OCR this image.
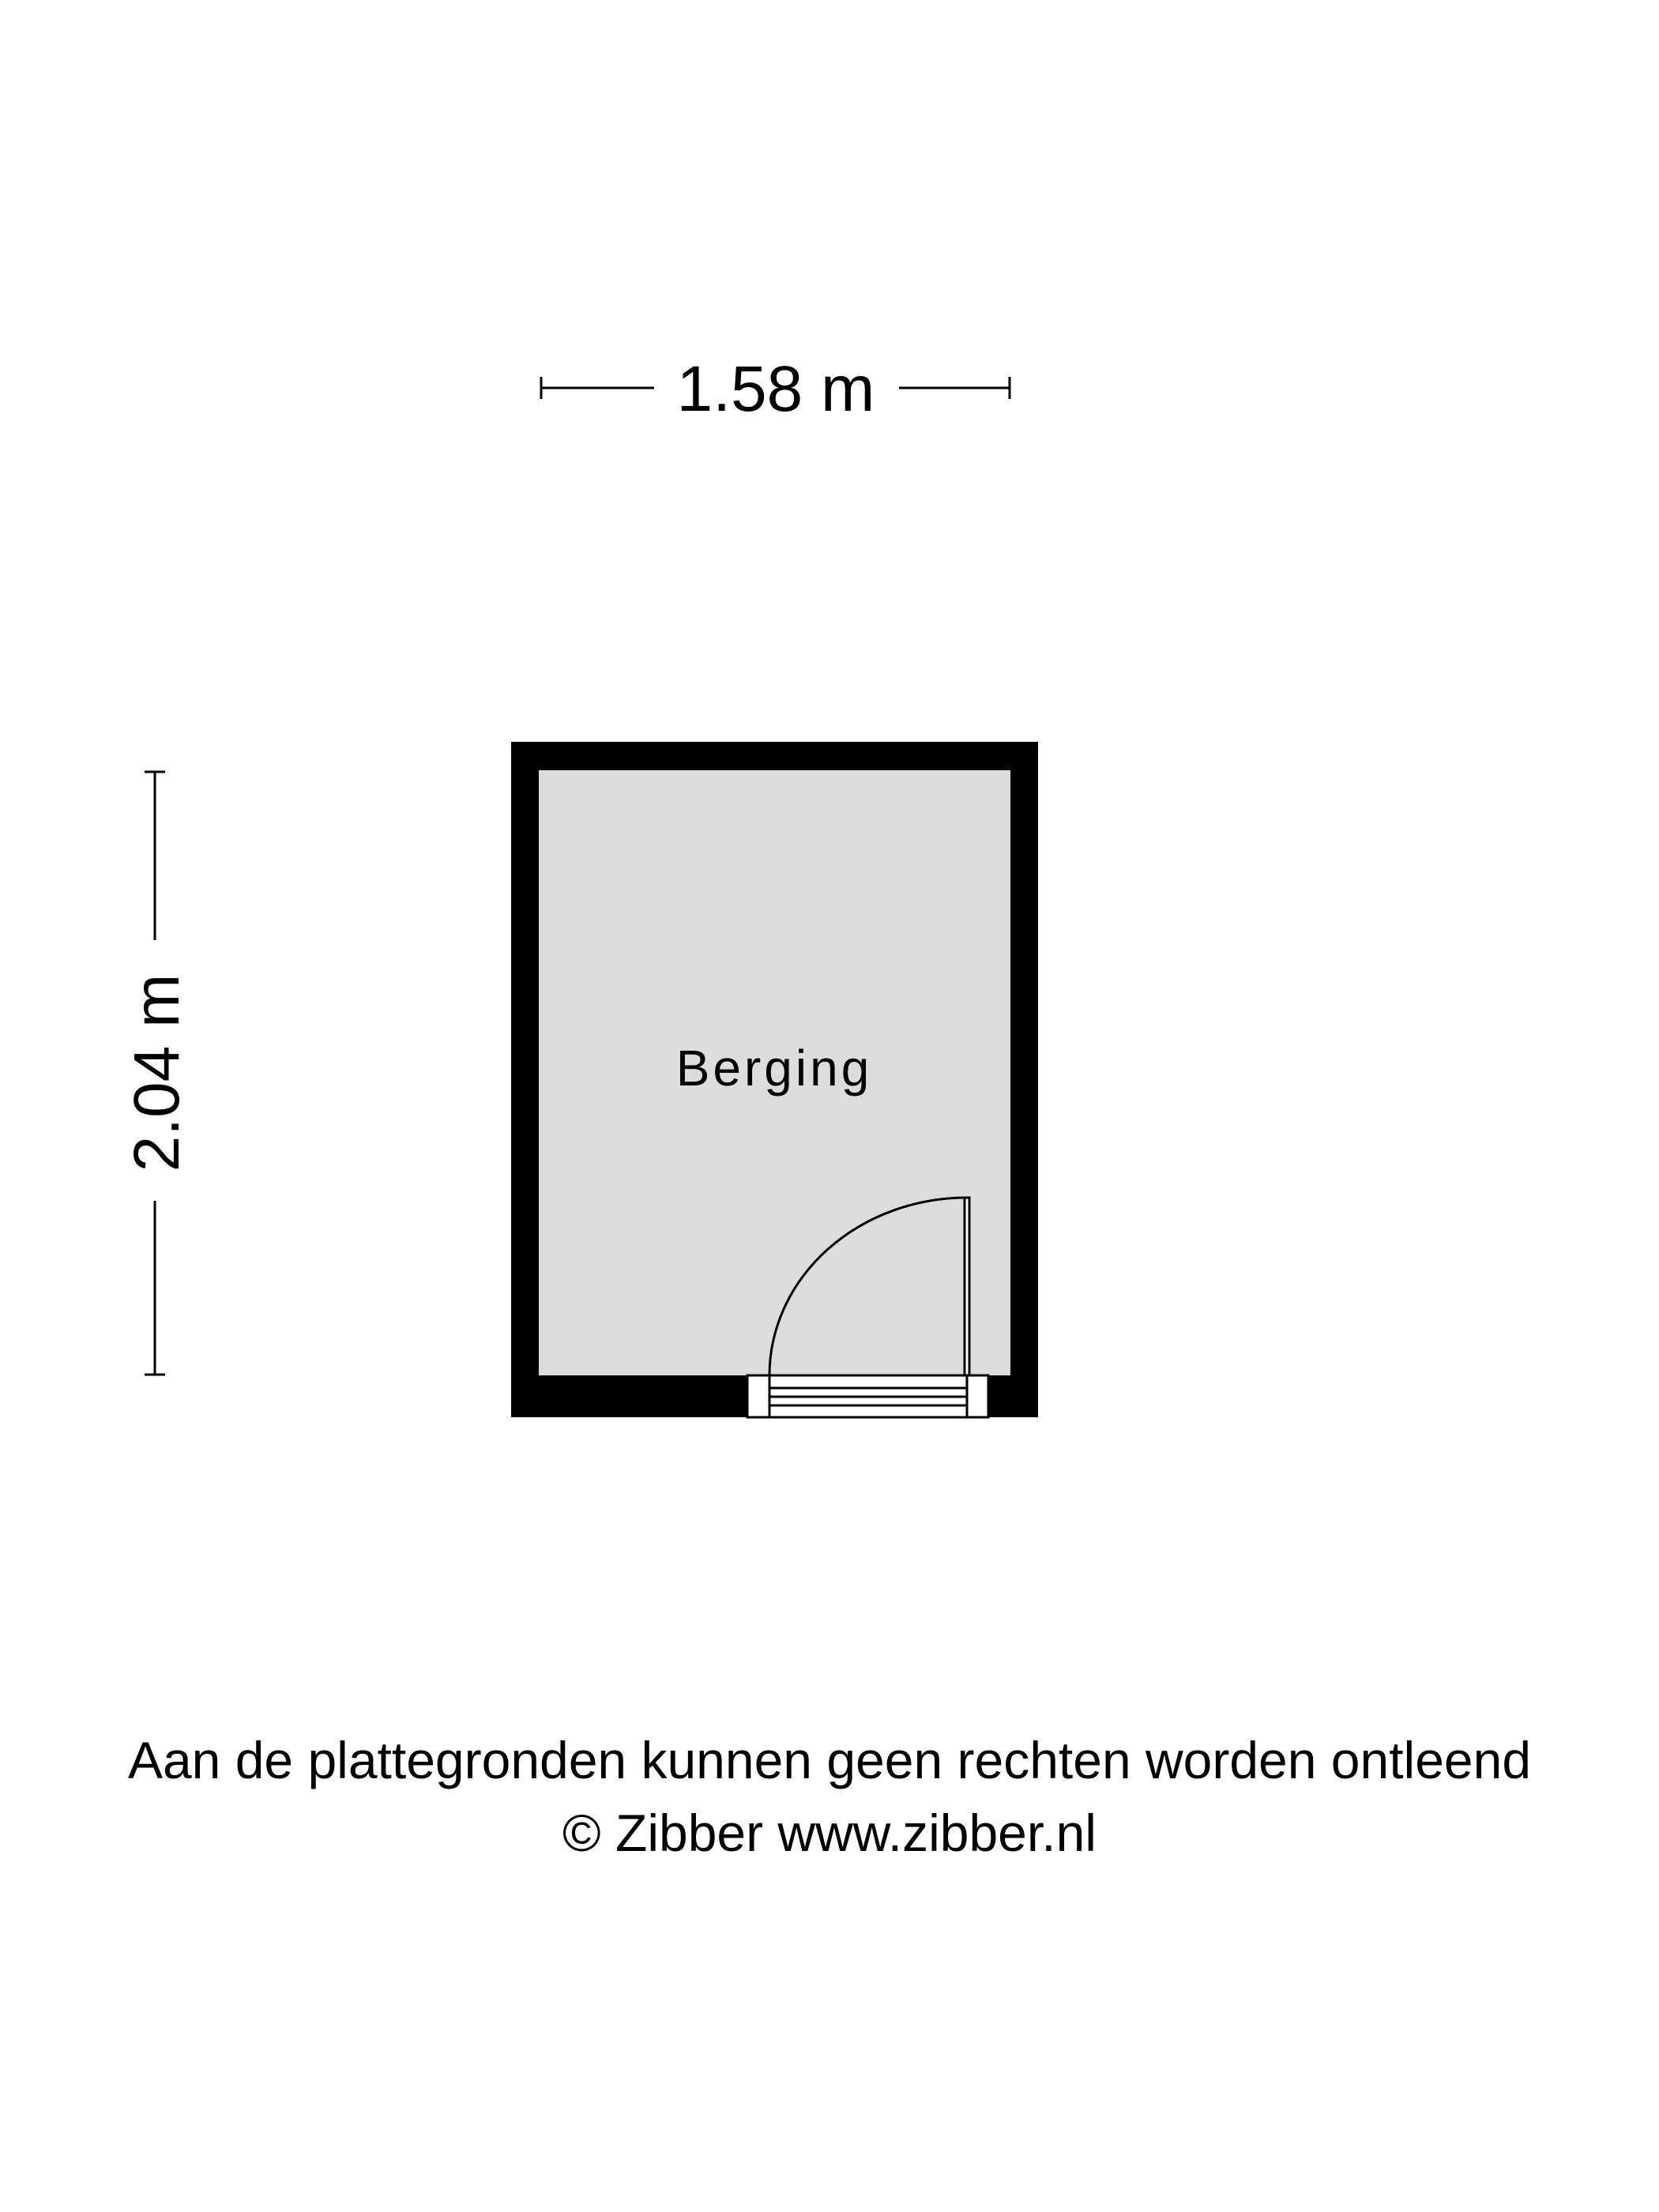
1.58 m
2.04 m	Berging
Aan de plattegronden kunnen geen rechten worden ontleend
© Zibber www.zibber.nl
